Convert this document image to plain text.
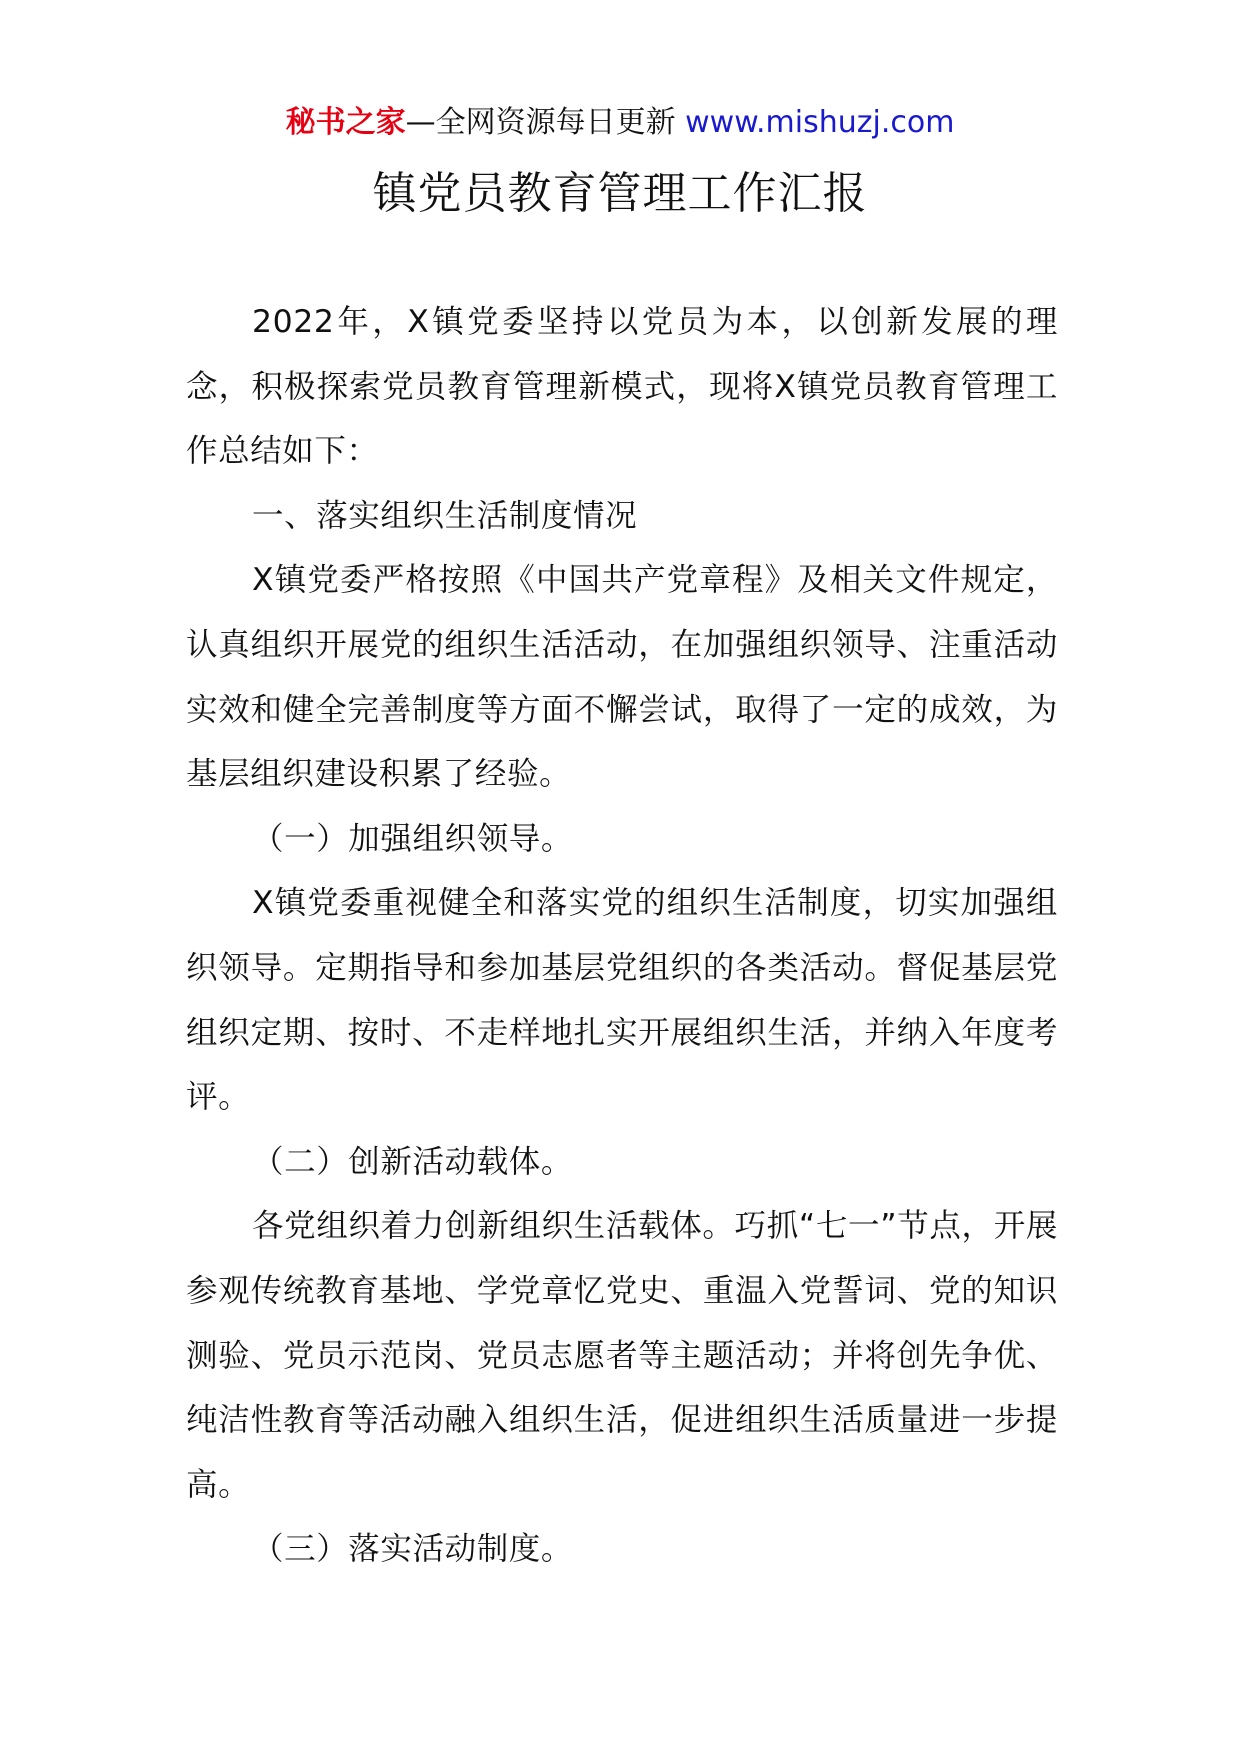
秘书之家—全网资源每日更新 www.mishuzj.com
镇党员教育管理工作汇报

2022年，X镇党委坚持以党员为本，以创新发展的理念，积极探索党员教育管理新模式，现将X镇党员教育管理工作总结如下：

一、落实组织生活制度情况

X镇党委严格按照《中国共产党章程》及相关文件规定，认真组织开展党的组织生活活动，在加强组织领导、注重活动实效和健全完善制度等方面不懈尝试，取得了一定的成效，为基层组织建设积累了经验。

（一）加强组织领导。

X镇党委重视健全和落实党的组织生活制度，切实加强组织领导。定期指导和参加基层党组织的各类活动。督促基层党组织定期、按时、不走样地扎实开展组织生活，并纳入年度考评。

（二）创新活动载体。

各党组织着力创新组织生活载体。巧抓“七一”节点，开展参观传统教育基地、学党章忆党史、重温入党誓词、党的知识测验、党员示范岗、党员志愿者等主题活动；并将创先争优、纯洁性教育等活动融入组织生活，促进组织生活质量进一步提高。

（三）落实活动制度。
